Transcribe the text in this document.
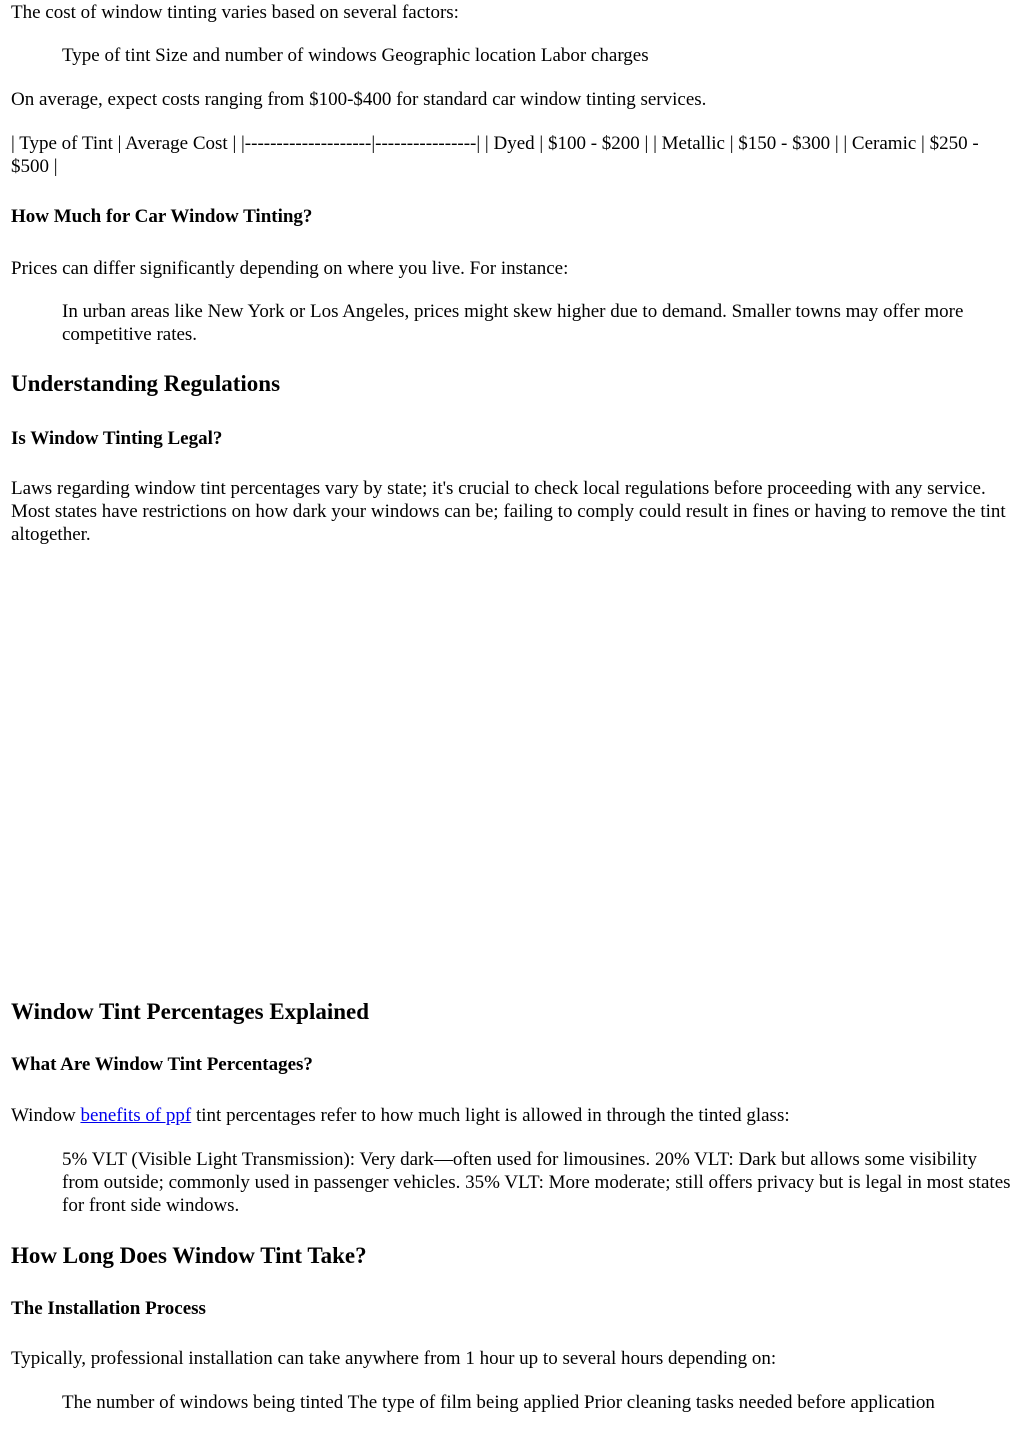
The cost of window tinting varies based on several factors:

Type of tint Size and number of windows Geographic location Labor charges

On average, expect costs ranging from $100-$400 for standard car window tinting services.

| Type of Tint | Average Cost | |--------------------|----------------| | Dyed | $100 - $200 | | Metallic | $150 - $300 | | Ceramic | $250 - $500 |

How Much for Car Window Tinting?

Prices can differ significantly depending on where you live. For instance:

In urban areas like New York or Los Angeles, prices might skew higher due to demand. Smaller towns may offer more competitive rates.

Understanding Regulations
Is Window Tinting Legal?

Laws regarding window tint percentages vary by state; it's crucial to check local regulations before proceeding with any service. Most states have restrictions on how dark your windows can be; failing to comply could result in fines or having to remove the tint altogether.

Window Tint Percentages Explained
What Are Window Tint Percentages?

Window benefits of ppf tint percentages refer to how much light is allowed in through the tinted glass:

5% VLT (Visible Light Transmission): Very dark—often used for limousines. 20% VLT: Dark but allows some visibility from outside; commonly used in passenger vehicles. 35% VLT: More moderate; still offers privacy but is legal in most states for front side windows.

How Long Does Window Tint Take?
The Installation Process

Typically, professional installation can take anywhere from 1 hour up to several hours depending on:

The number of windows being tinted The type of film being applied Prior cleaning tasks needed before application
